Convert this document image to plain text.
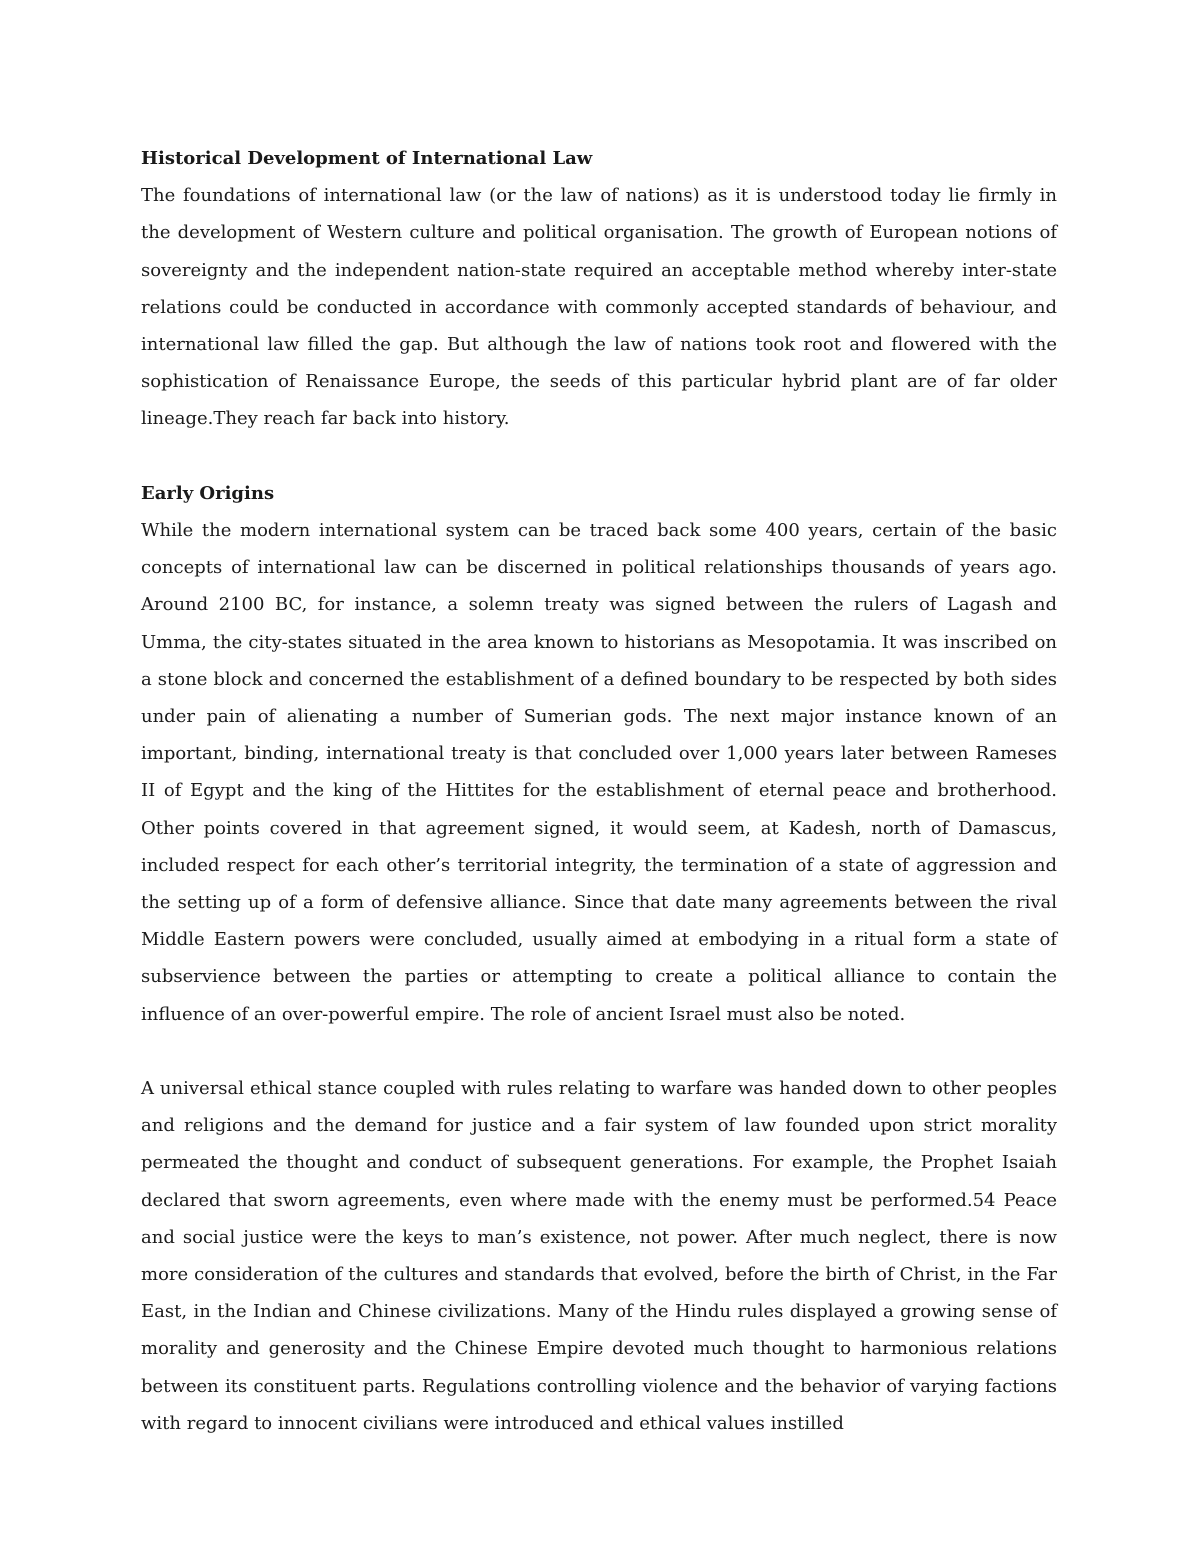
Historical Development of International Law

The foundations of international law (or the law of nations) as it is understood today lie firmly in the development of Western culture and political organisation. The growth of European notions of sovereignty and the independent nation-state required an acceptable method whereby inter-state relations could be conducted in accordance with commonly accepted standards of behaviour, and international law filled the gap. But although the law of nations took root and flowered with the sophistication of Renaissance Europe, the seeds of this particular hybrid plant are of far older lineage.They reach far back into history.

Early Origins

While the modern international system can be traced back some 400 years, certain of the basic concepts of international law can be discerned in political relationships thousands of years ago. Around 2100 BC, for instance, a solemn treaty was signed between the rulers of Lagash and Umma, the city-states situated in the area known to historians as Mesopotamia. It was inscribed on a stone block and concerned the establishment of a defined boundary to be respected by both sides under pain of alienating a number of Sumerian gods. The next major instance known of an important, binding, international treaty is that concluded over 1,000 years later between Rameses II of Egypt and the king of the Hittites for the establishment of eternal peace and brotherhood. Other points covered in that agreement signed, it would seem, at Kadesh, north of Damascus, included respect for each other’s territorial integrity, the termination of a state of aggression and the setting up of a form of defensive alliance. Since that date many agreements between the rival Middle Eastern powers were concluded, usually aimed at embodying in a ritual form a state of subservience between the parties or attempting to create a political alliance to contain the influence of an over-powerful empire. The role of ancient Israel must also be noted.

A universal ethical stance coupled with rules relating to warfare was handed down to other peoples and religions and the demand for justice and a fair system of law founded upon strict morality permeated the thought and conduct of subsequent generations. For example, the Prophet Isaiah declared that sworn agreements, even where made with the enemy must be performed.54 Peace and social justice were the keys to man’s existence, not power. After much neglect, there is now more consideration of the cultures and standards that evolved, before the birth of Christ, in the Far East, in the Indian and Chinese civilizations. Many of the Hindu rules displayed a growing sense of morality and generosity and the Chinese Empire devoted much thought to harmonious relations between its constituent parts. Regulations controlling violence and the behavior of varying factions with regard to innocent civilians were introduced and ethical values instilled
